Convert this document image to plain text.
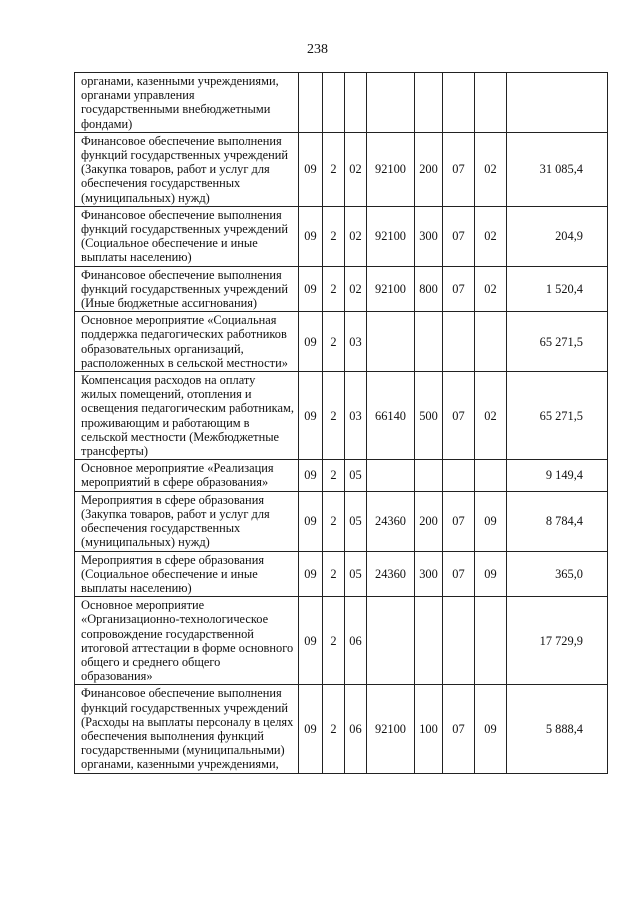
238
органами, казенными учреждениями, органами управления государственными внебюджетными фондами)								
Финансовое обеспечение выполнения функций государственных учреждений (Закупка товаров, работ и услуг для обеспечения государственных (муниципальных) нужд)	09	2	02	92100	200	07	02	31 085,4
Финансовое обеспечение выполнения функций государственных учреждений (Социальное обеспечение и иные выплаты населению)	09	2	02	92100	300	07	02	204,9
Финансовое обеспечение выполнения функций государственных учреждений (Иные бюджетные ассигнования)	09	2	02	92100	800	07	02	1 520,4
Основное мероприятие «Социальная поддержка педагогических работников образовательных организаций, расположенных в сельской местности»	09	2	03					65 271,5
Компенсация расходов на оплату жилых помещений, отопления и освещения педагогическим работникам, проживающим и работающим в сельской местности (Межбюджетные трансферты)	09	2	03	66140	500	07	02	65 271,5
Основное мероприятие «Реализация мероприятий в сфере образования»	09	2	05					9 149,4
Мероприятия в сфере образования (Закупка товаров, работ и услуг для обеспечения государственных (муниципальных) нужд)	09	2	05	24360	200	07	09	8 784,4
Мероприятия в сфере образования (Социальное обеспечение и иные выплаты населению)	09	2	05	24360	300	07	09	365,0
Основное мероприятие «Организационно-технологическое сопровождение государственной итоговой аттестации в форме основного общего и среднего общего образования»	09	2	06					17 729,9
Финансовое обеспечение выполнения функций государственных учреждений (Расходы на выплаты персоналу в целях обеспечения выполнения функций государственными (муниципальными) органами, казенными учреждениями,	09	2	06	92100	100	07	09	5 888,4
